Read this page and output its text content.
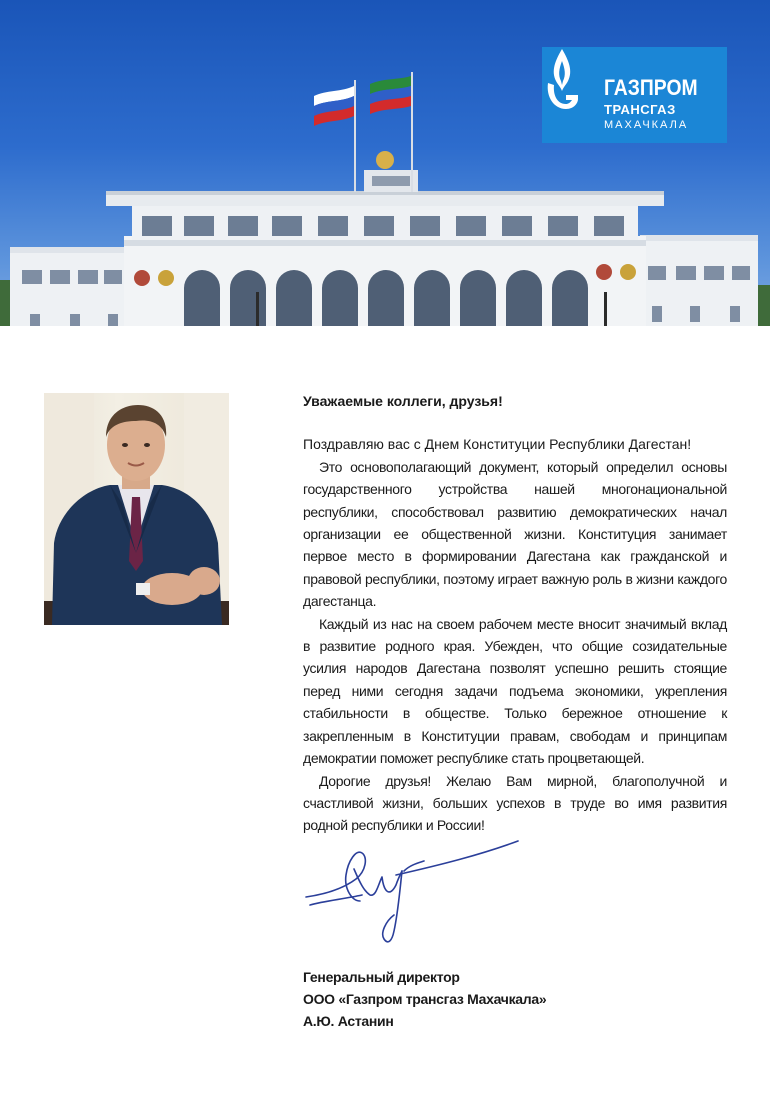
ГАЗПРОМ
ТРАНСГАЗ
МАХАЧКАЛА

Уважаемые коллеги, друзья!

Поздравляю вас с Днем Конституции Республики Дагестан!

Это основополагающий документ, который определил основы государственного устройства нашей многонациональной республики, способствовал развитию демократических начал организации ее общественной жизни. Конституция занимает первое место в формировании Дагестана как гражданской и правовой республики, поэтому играет важную роль в жизни каждого дагестанца.

Каждый из нас на своем рабочем месте вносит значимый вклад в развитие родного края. Убежден, что общие созидательные усилия народов Дагестана позволят успешно решить стоящие перед ними сегодня задачи подъема экономики, укрепления стабильности в обществе. Только бережное отношение к закрепленным в Конституции правам, свободам и принципам демократии поможет республике стать процветающей.

Дорогие друзья! Желаю Вам мирной, благополучной и счастливой жизни, больших успехов в труде во имя развития родной республики и России!

Генеральный директор
ООО «Газпром трансгаз Махачкала»
А.Ю. Астанин
